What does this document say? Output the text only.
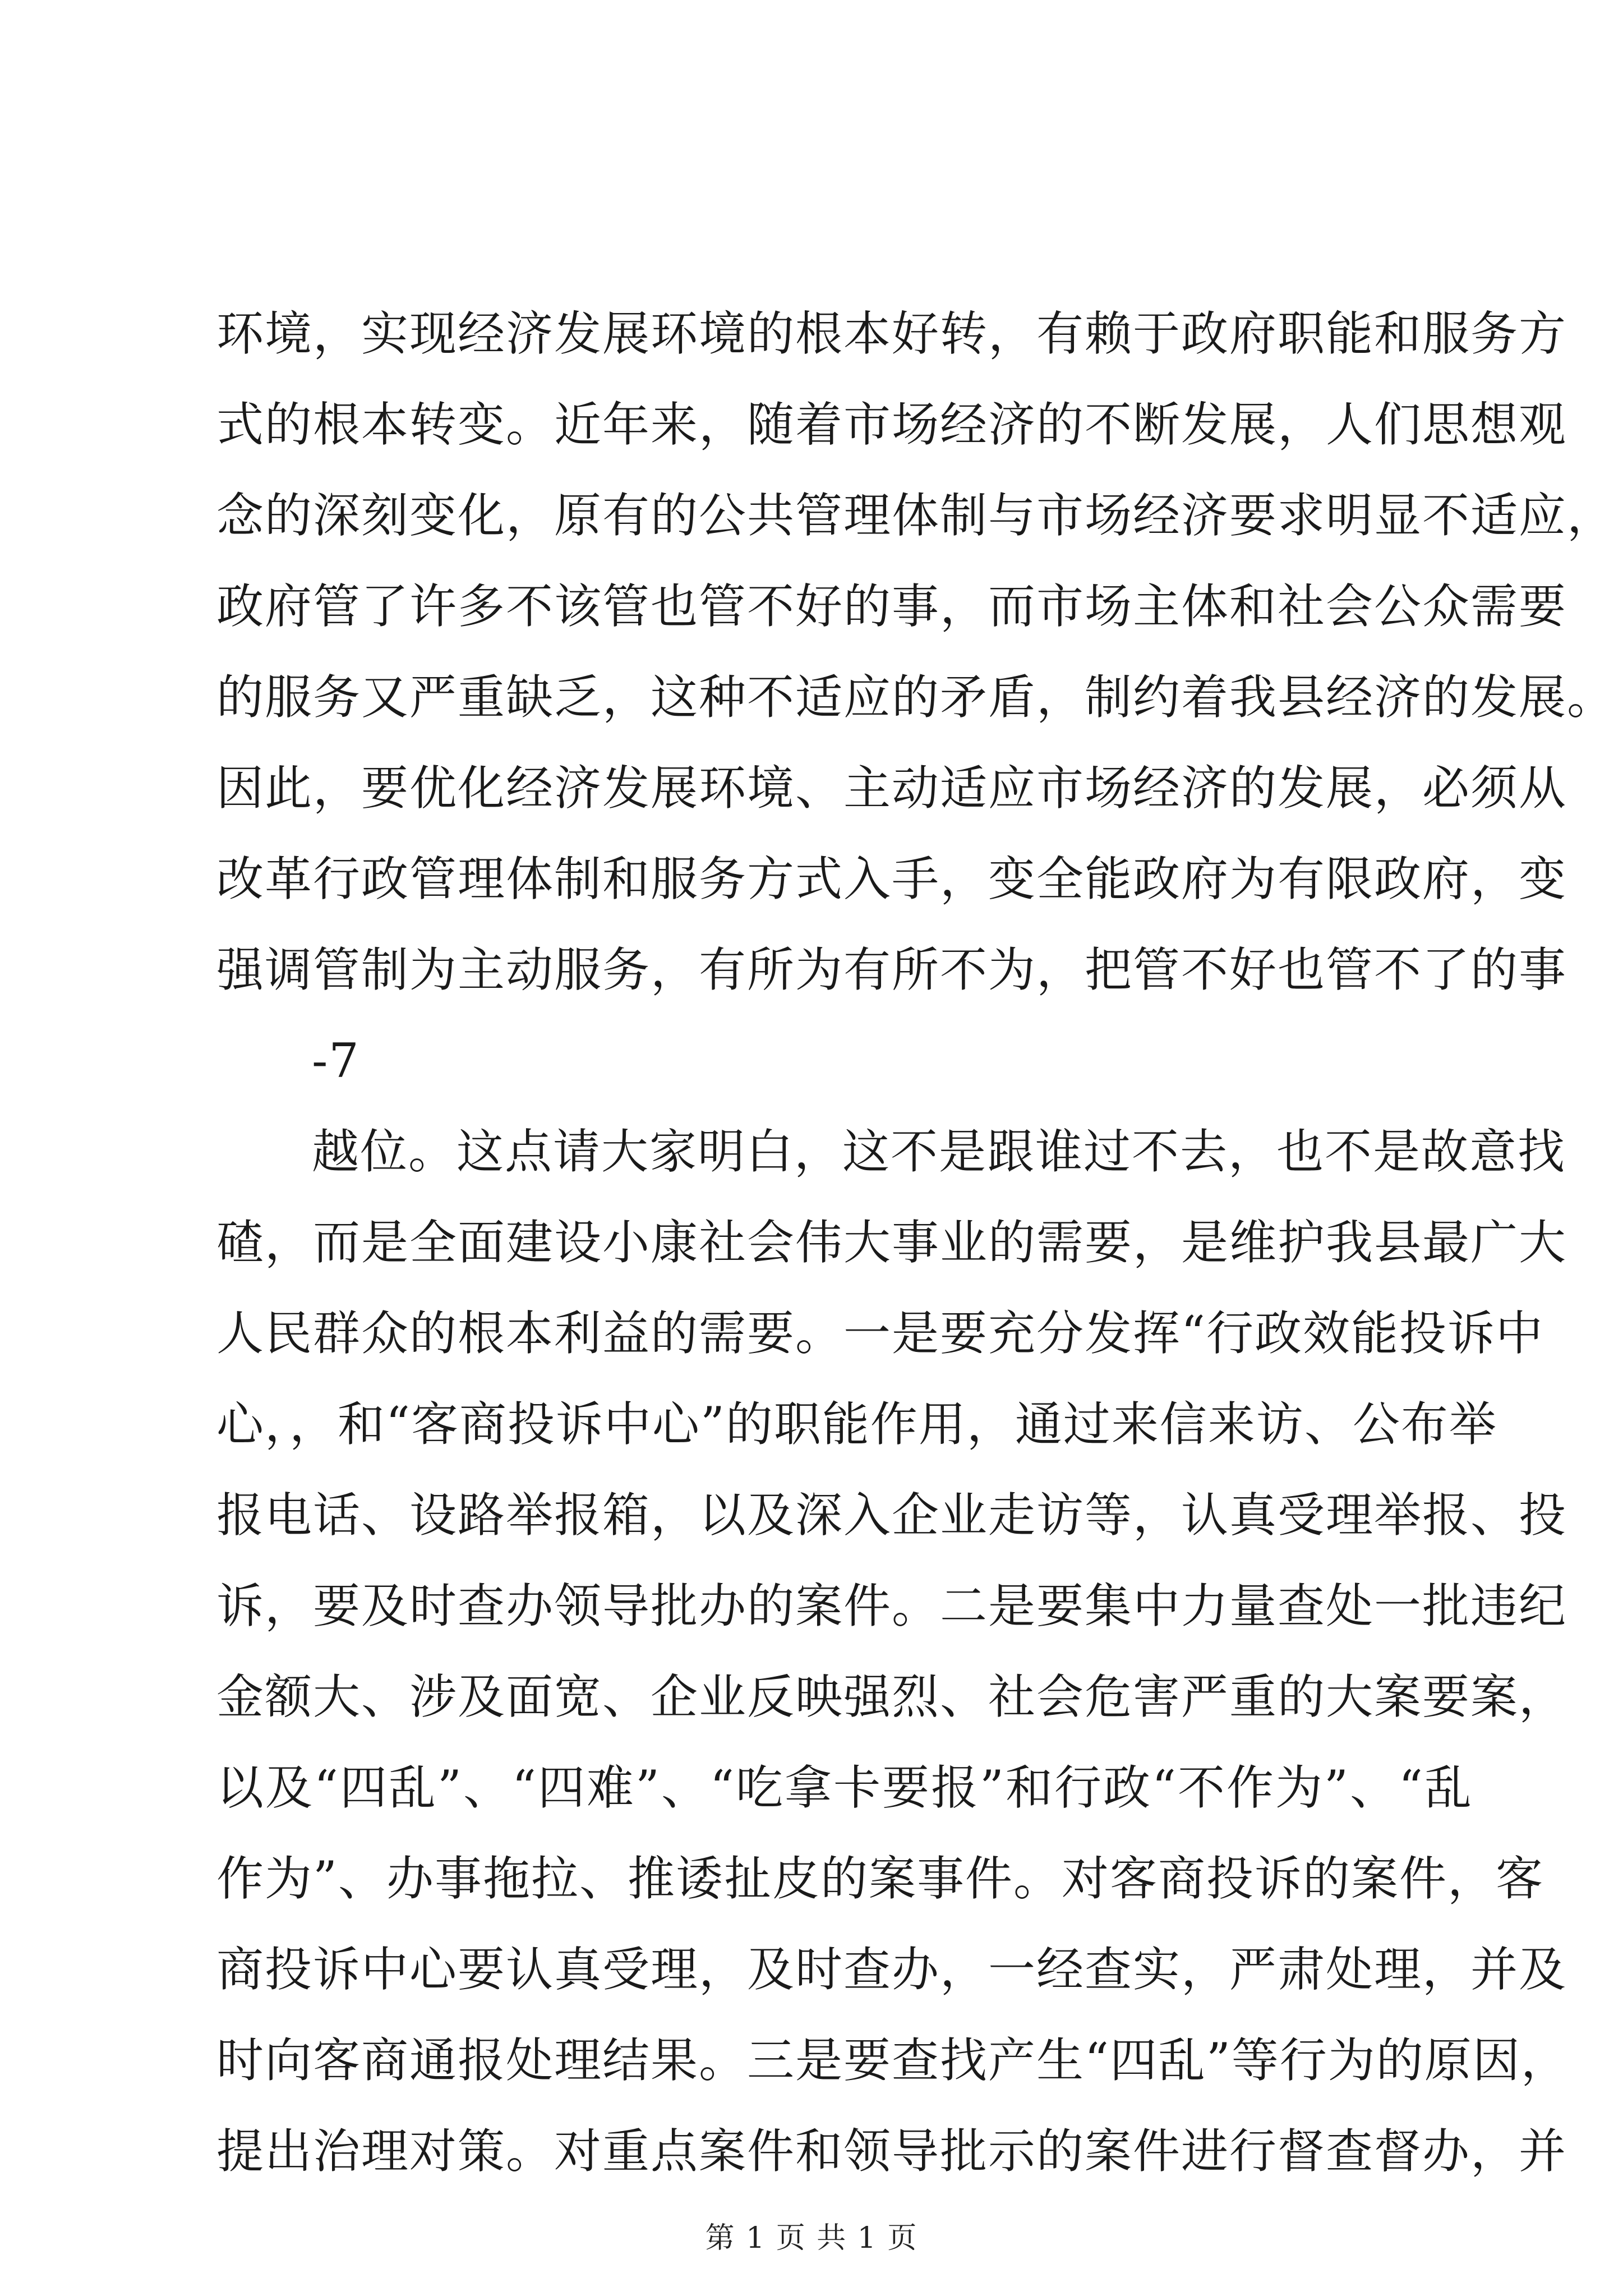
环境，实现经济发展环境的根本好转，有赖于政府职能和服务方
式的根本转变。近年来，随着市场经济的不断发展，人们思想观
念的深刻变化，原有的公共管理体制与市场经济要求明显不适应，
政府管了许多不该管也管不好的事，而市场主体和社会公众需要
的服务又严重缺乏，这种不适应的矛盾，制约着我县经济的发展。
因此，要优化经济发展环境、主动适应市场经济的发展，必须从
改革行政管理体制和服务方式入手，变全能政府为有限政府，变
强调管制为主动服务，有所为有所不为，把管不好也管不了的事
-7
越位。这点请大家明白，这不是跟谁过不去，也不是故意找
碴，而是全面建设小康社会伟大事业的需要，是维护我县最广大
人民群众的根本利益的需要。一是要充分发挥“行政效能投诉中
心，，和“客商投诉中心”的职能作用，通过来信来访、公布举
报电话、设路举报箱，以及深入企业走访等，认真受理举报、投
诉，要及时查办领导批办的案件。二是要集中力量查处一批违纪
金额大、涉及面宽、企业反映强烈、社会危害严重的大案要案，
以及“四乱”、“四难”、“吃拿卡要报”和行政“不作为”、“乱
作为”、办事拖拉、推诿扯皮的案事件。对客商投诉的案件，客
商投诉中心要认真受理，及时查办，一经查实，严肃处理，并及
时向客商通报处理结果。三是要查找产生“四乱”等行为的原因，
提出治理对策。对重点案件和领导批示的案件进行督查督办，并
第 1 页 共 1 页
